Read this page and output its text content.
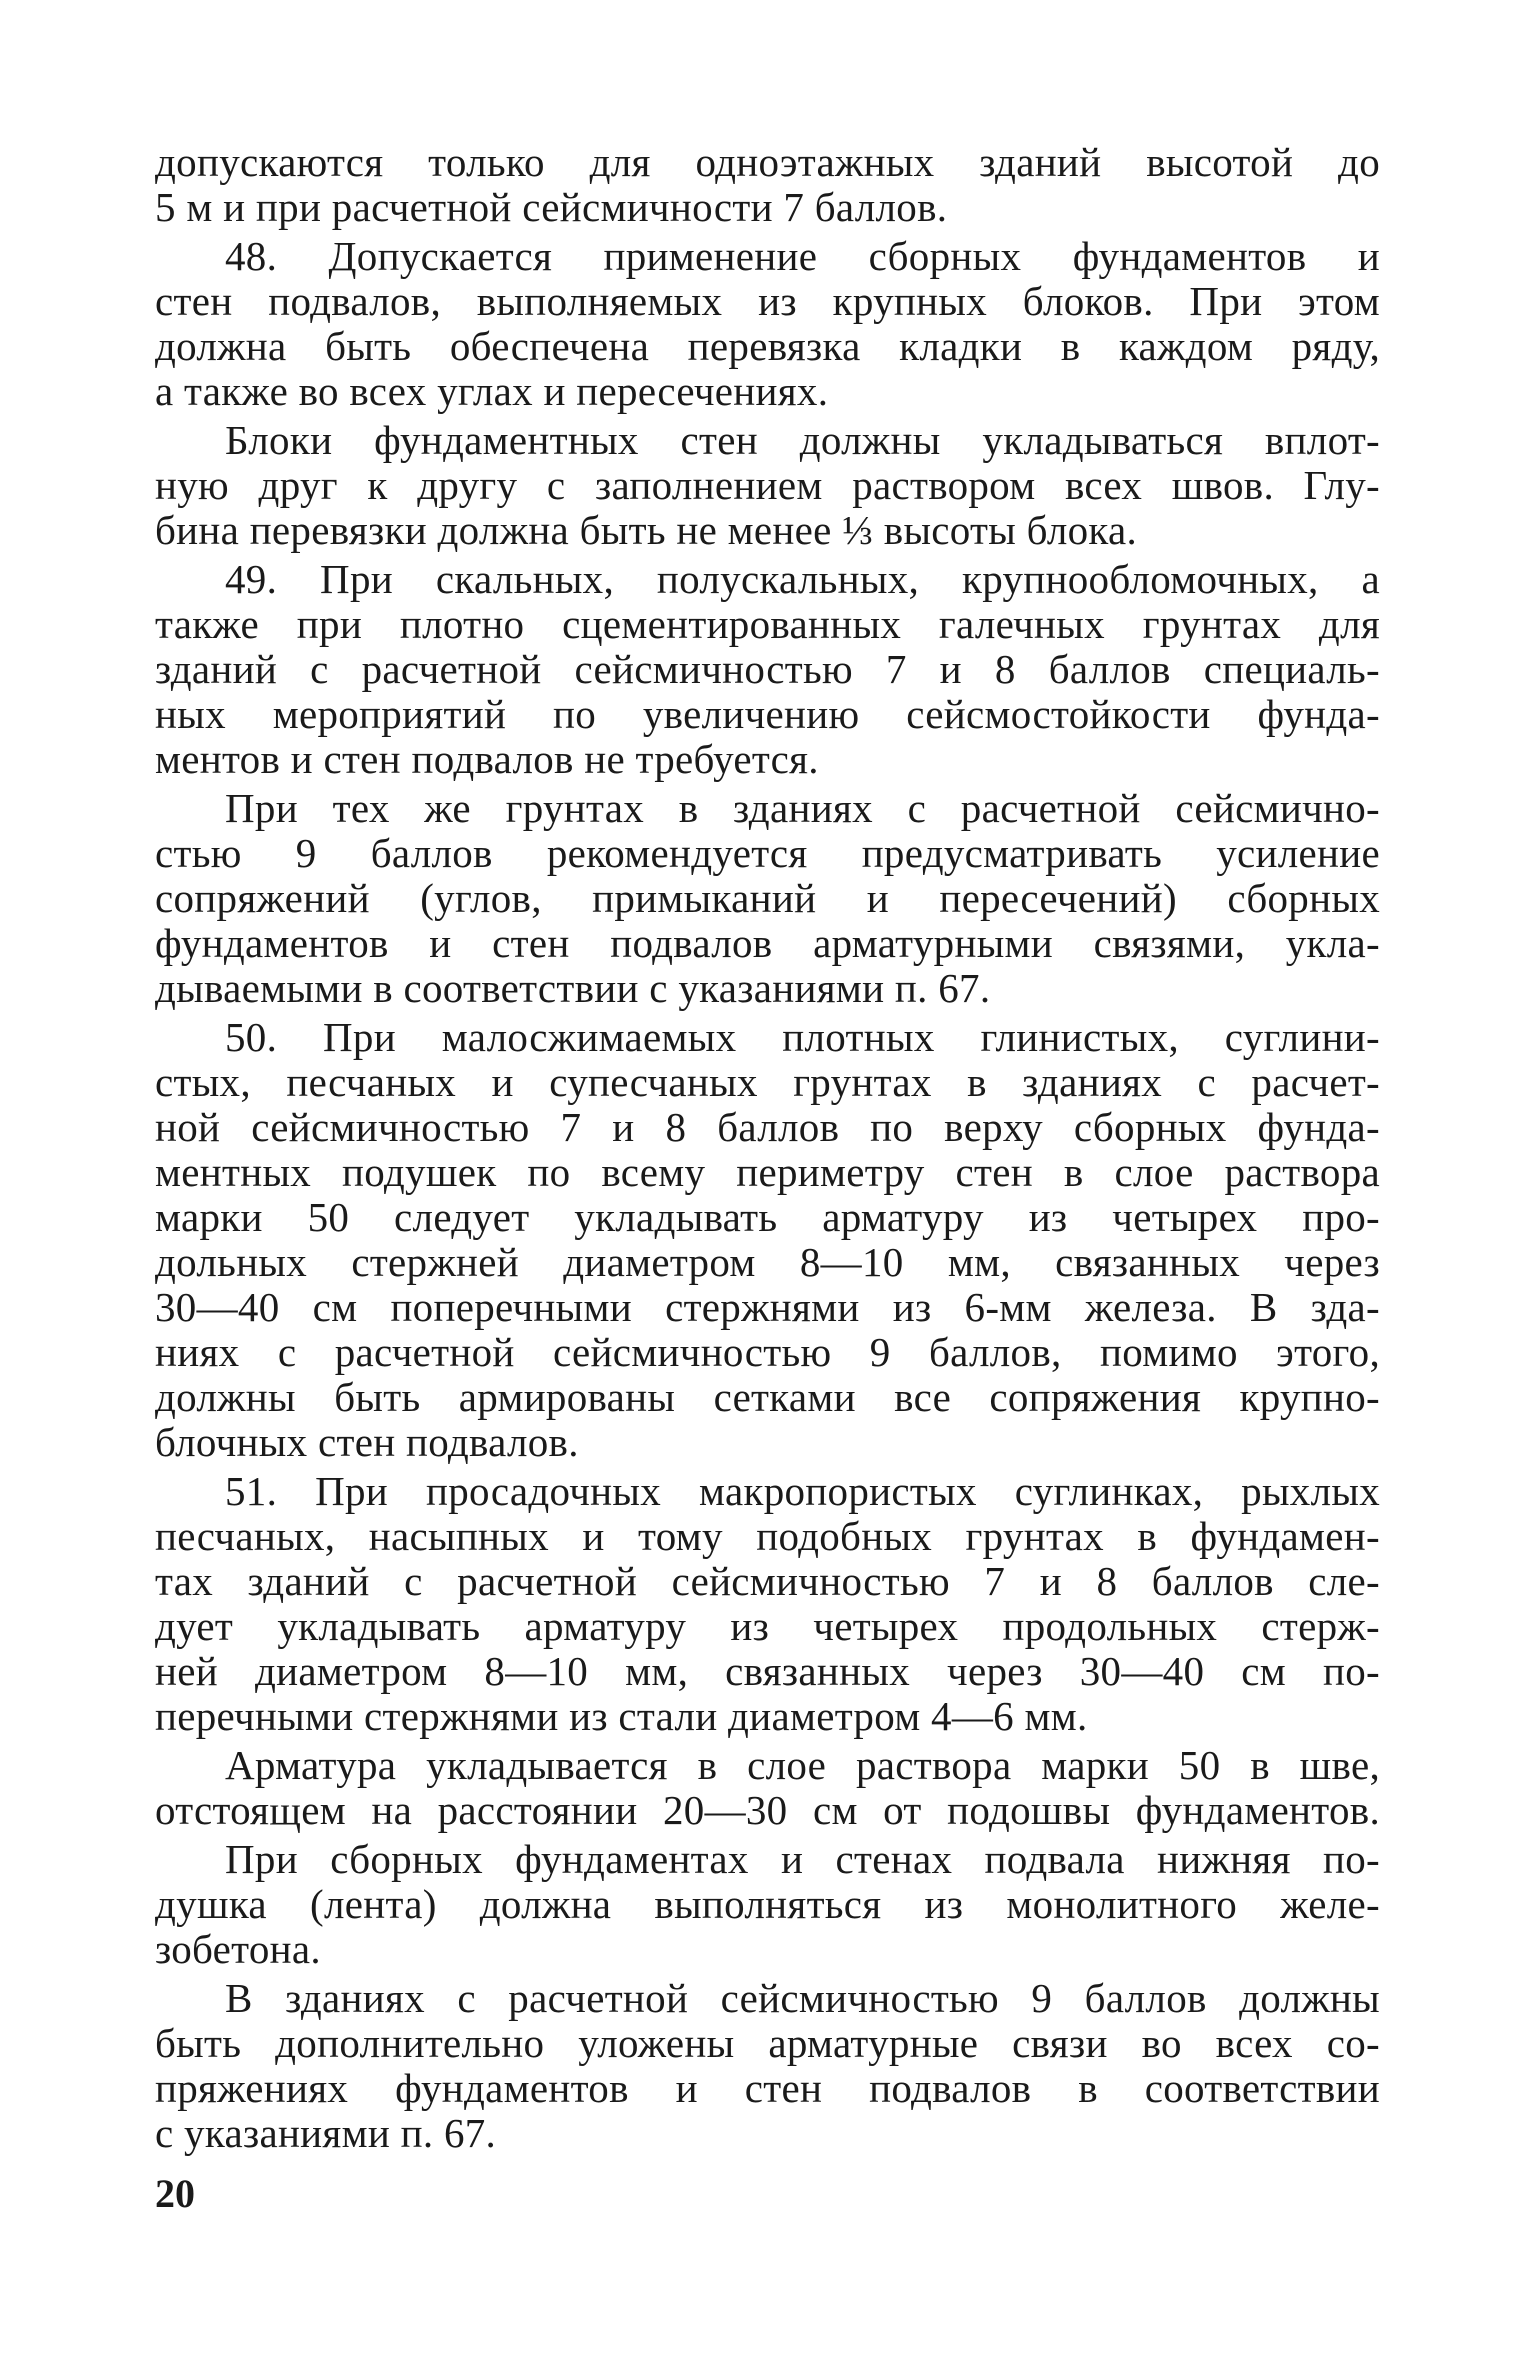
допускаются только для одноэтажных зданий высотой до
5 м и при расчетной сейсмичности 7 баллов.
48. Допускается применение сборных фундаментов и
стен подвалов, выполняемых из крупных блоков. При этом
должна быть обеспечена перевязка кладки в каждом ряду,
а также во всех углах и пересечениях.
Блоки фундаментных стен должны укладываться вплот-
ную друг к другу с заполнением раствором всех швов. Глу-
бина перевязки должна быть не менее ⅓ высоты блока.
49. При скальных, полускальных, крупнообломочных, а
также при плотно сцементированных галечных грунтах для
зданий с расчетной сейсмичностью 7 и 8 баллов специаль-
ных мероприятий по увеличению сейсмостойкости фунда-
ментов и стен подвалов не требуется.
При тех же грунтах в зданиях с расчетной сейсмично-
стью 9 баллов рекомендуется предусматривать усиление
сопряжений (углов, примыканий и пересечений) сборных
фундаментов и стен подвалов арматурными связями, укла-
дываемыми в соответствии с указаниями п. 67.
50. При малосжимаемых плотных глинистых, суглини-
стых, песчаных и супесчаных грунтах в зданиях с расчет-
ной сейсмичностью 7 и 8 баллов по верху сборных фунда-
ментных подушек по всему периметру стен в слое раствора
марки 50 следует укладывать арматуру из четырех про-
дольных стержней диаметром 8—10 мм, связанных через
30—40 см поперечными стержнями из 6-мм железа. В зда-
ниях с расчетной сейсмичностью 9 баллов, помимо этого,
должны быть армированы сетками все сопряжения крупно-
блочных стен подвалов.
51. При просадочных макропористых суглинках, рыхлых
песчаных, насыпных и тому подобных грунтах в фундамен-
тах зданий с расчетной сейсмичностью 7 и 8 баллов сле-
дует укладывать арматуру из четырех продольных стерж-
ней диаметром 8—10 мм, связанных через 30—40 см по-
перечными стержнями из стали диаметром 4—6 мм.
Арматура укладывается в слое раствора марки 50 в шве,
отстоящем на расстоянии 20—30 см от подошвы фундаментов.
При сборных фундаментах и стенах подвала нижняя по-
душка (лента) должна выполняться из монолитного желе-
зобетона.
В зданиях с расчетной сейсмичностью 9 баллов должны
быть дополнительно уложены арматурные связи во всех со-
пряжениях фундаментов и стен подвалов в соответствии
с указаниями п. 67.
20
